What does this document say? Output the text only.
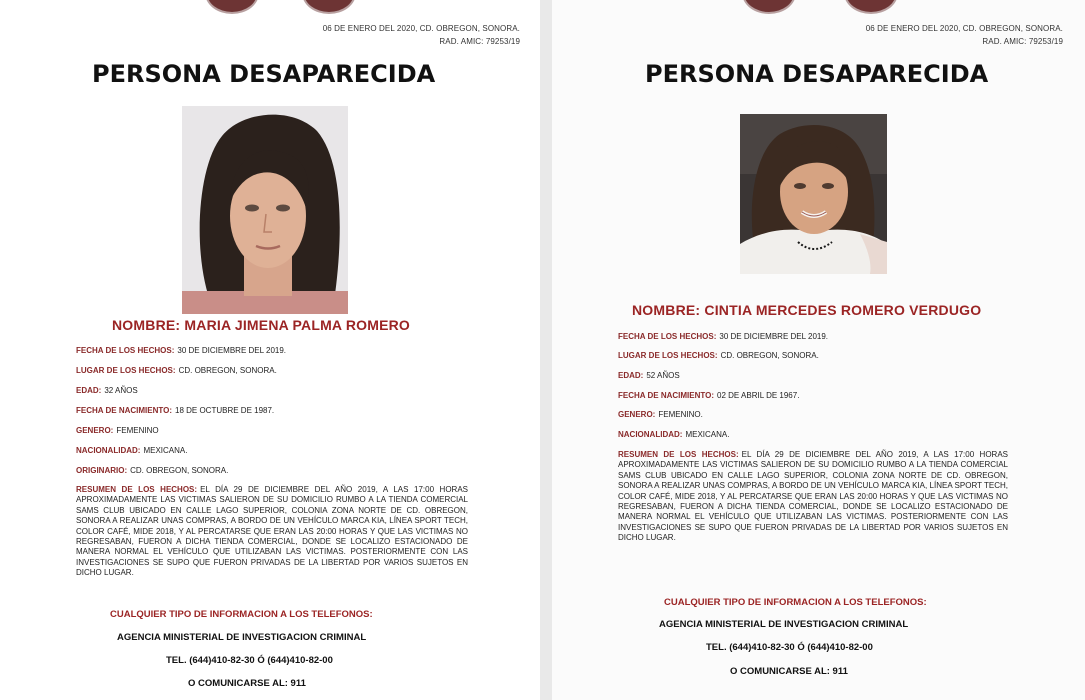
06 DE ENERO DEL 2020, CD. OBREGON, SONORA.
RAD. AMIC: 79253/19
PERSONA DESAPARECIDA
NOMBRE: MARIA JIMENA PALMA ROMERO
FECHA DE LOS HECHOS: 30 DE DICIEMBRE DEL 2019.
LUGAR DE LOS HECHOS: CD. OBREGON, SONORA.
EDAD: 32 AÑOS
FECHA DE NACIMIENTO: 18 DE OCTUBRE DE 1987.
GENERO: FEMENINO
NACIONALIDAD: MEXICANA.
ORIGINARIO: CD. OBREGON, SONORA.
RESUMEN DE LOS HECHOS: EL DÍA 29 DE DICIEMBRE DEL AÑO 2019, A LAS 17:00 HORAS APROXIMADAMENTE LAS VICTIMAS SALIERON DE SU DOMICILIO RUMBO A LA TIENDA COMERCIAL SAMS CLUB UBICADO EN CALLE LAGO SUPERIOR, COLONIA ZONA NORTE DE CD. OBREGON, SONORA A REALIZAR UNAS COMPRAS, A BORDO DE UN VEHÍCULO MARCA KIA, LÍNEA SPORT TECH, COLOR CAFÉ, MIDE 2018, Y AL PERCATARSE QUE ERAN LAS 20:00 HORAS Y QUE LAS VICTIMAS NO REGRESABAN, FUERON A DICHA TIENDA COMERCIAL, DONDE SE LOCALIZO ESTACIONADO DE MANERA NORMAL EL VEHÍCULO QUE UTILIZABAN LAS VICTIMAS. POSTERIORMENTE CON LAS INVESTIGACIONES SE SUPO QUE FUERON PRIVADAS DE LA LIBERTAD POR VARIOS SUJETOS EN DICHO LUGAR.
CUALQUIER TIPO DE INFORMACION A LOS TELEFONOS:
AGENCIA MINISTERIAL DE INVESTIGACION CRIMINAL
TEL. (644)410-82-30 Ó (644)410-82-00
O COMUNICARSE AL: 911
06 DE ENERO DEL 2020, CD. OBREGON, SONORA.
RAD. AMIC: 79253/19
PERSONA DESAPARECIDA
NOMBRE: CINTIA MERCEDES ROMERO VERDUGO
FECHA DE LOS HECHOS: 30 DE DICIEMBRE DEL 2019.
LUGAR DE LOS HECHOS: CD. OBREGON, SONORA.
EDAD: 52 AÑOS
FECHA DE NACIMIENTO: 02 DE ABRIL DE 1967.
GENERO: FEMENINO.
NACIONALIDAD: MEXICANA.
RESUMEN DE LOS HECHOS: EL DÍA 29 DE DICIEMBRE DEL AÑO 2019, A LAS 17:00 HORAS APROXIMADAMENTE LAS VICTIMAS SALIERON DE SU DOMICILIO RUMBO A LA TIENDA COMERCIAL SAMS CLUB UBICADO EN CALLE LAGO SUPERIOR, COLONIA ZONA NORTE DE CD. OBREGON, SONORA A REALIZAR UNAS COMPRAS, A BORDO DE UN VEHÍCULO MARCA KIA, LÍNEA SPORT TECH, COLOR CAFÉ, MIDE 2018, Y AL PERCATARSE QUE ERAN LAS 20:00 HORAS Y QUE LAS VICTIMAS NO REGRESABAN, FUERON A DICHA TIENDA COMERCIAL, DONDE SE LOCALIZO ESTACIONADO DE MANERA NORMAL EL VEHÍCULO QUE UTILIZABAN LAS VICTIMAS. POSTERIORMENTE CON LAS INVESTIGACIONES SE SUPO QUE FUERON PRIVADAS DE LA LIBERTAD POR VARIOS SUJETOS EN DICHO LUGAR.
CUALQUIER TIPO DE INFORMACION A LOS TELEFONOS:
AGENCIA MINISTERIAL DE INVESTIGACION CRIMINAL
TEL. (644)410-82-30 Ó (644)410-82-00
O COMUNICARSE AL: 911
